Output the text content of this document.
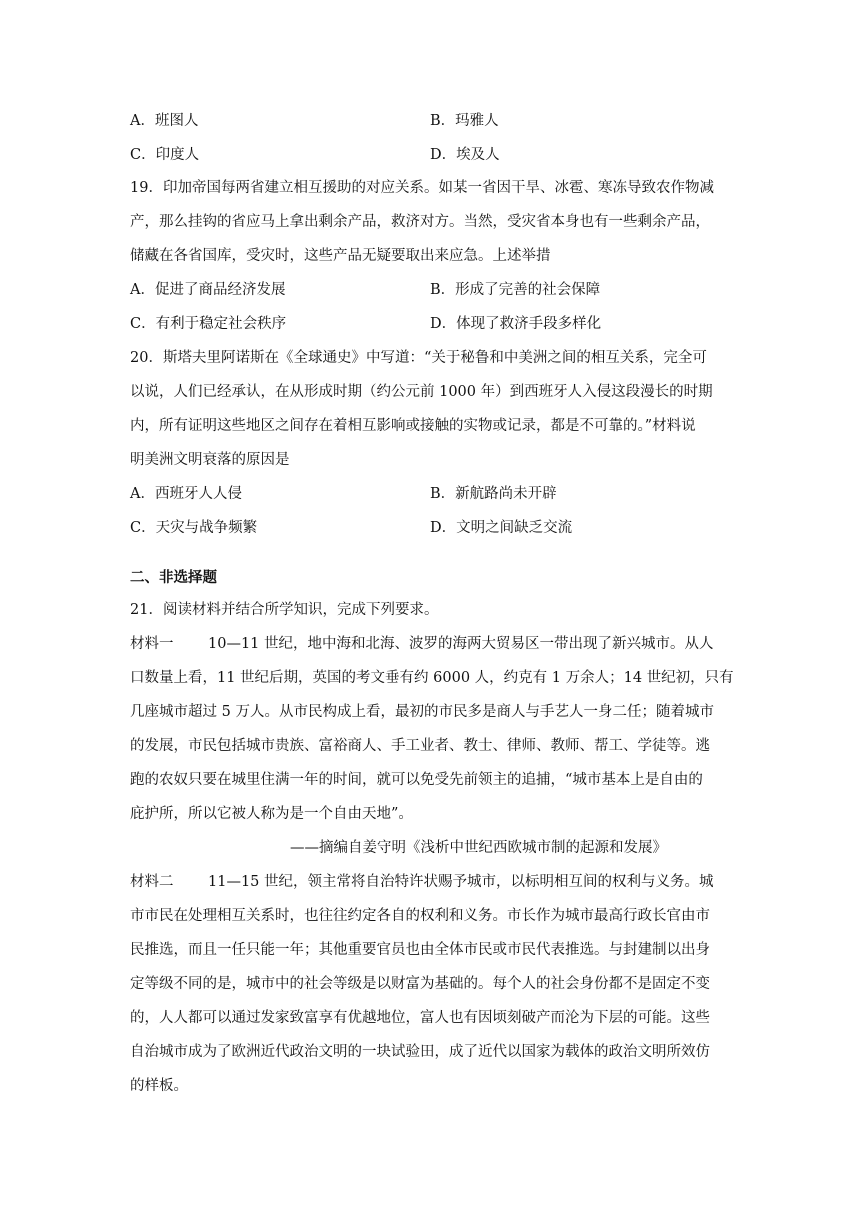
A．班图人	B．玛雅人
C．印度人	D．埃及人
19．印加帝国每两省建立相互援助的对应关系。如某一省因干旱、冰雹、寒冻导致农作物减
产，那么挂钩的省应马上拿出剩余产品，救济对方。当然，受灾省本身也有一些剩余产品，
储藏在各省国库，受灾时，这些产品无疑要取出来应急。上述举措
A．促进了商品经济发展	B．形成了完善的社会保障
C．有利于稳定社会秩序	D．体现了救济手段多样化
20．斯塔夫里阿诺斯在《全球通史》中写道：“关于秘鲁和中美洲之间的相互关系，完全可
以说，人们已经承认，在从形成时期（约公元前 1000 年）到西班牙人入侵这段漫长的时期
内，所有证明这些地区之间存在着相互影响或接触的实物或记录，都是不可靠的。”材料说
明美洲文明衰落的原因是
A．西班牙人人侵	B．新航路尚未开辟
C．天灾与战争频繁	D．文明之间缺乏交流
二、非选择题
21．阅读材料并结合所学知识，完成下列要求。
材料一 10—11 世纪，地中海和北海、波罗的海两大贸易区一带出现了新兴城市。从人
口数量上看，11 世纪后期，英国的考文垂有约 6000 人，约克有 1 万余人；14 世纪初，只有
几座城市超过 5 万人。从市民构成上看，最初的市民多是商人与手艺人一身二任；随着城市
的发展，市民包括城市贵族、富裕商人、手工业者、教士、律师、教师、帮工、学徒等。逃
跑的农奴只要在城里住满一年的时间，就可以免受先前领主的追捕，“城市基本上是自由的
庇护所，所以它被人称为是一个自由天地”。
——摘编自姜守明《浅析中世纪西欧城市制的起源和发展》
材料二 11—15 世纪，领主常将自治特许状赐予城市，以标明相互间的权利与义务。城
市市民在处理相互关系时，也往往约定各自的权利和义务。市长作为城市最高行政长官由市
民推选，而且一任只能一年；其他重要官员也由全体市民或市民代表推选。与封建制以出身
定等级不同的是，城市中的社会等级是以财富为基础的。每个人的社会身份都不是固定不变
的，人人都可以通过发家致富享有优越地位，富人也有因顷刻破产而沦为下层的可能。这些
自治城市成为了欧洲近代政治文明的一块试验田，成了近代以国家为载体的政治文明所效仿
的样板。
